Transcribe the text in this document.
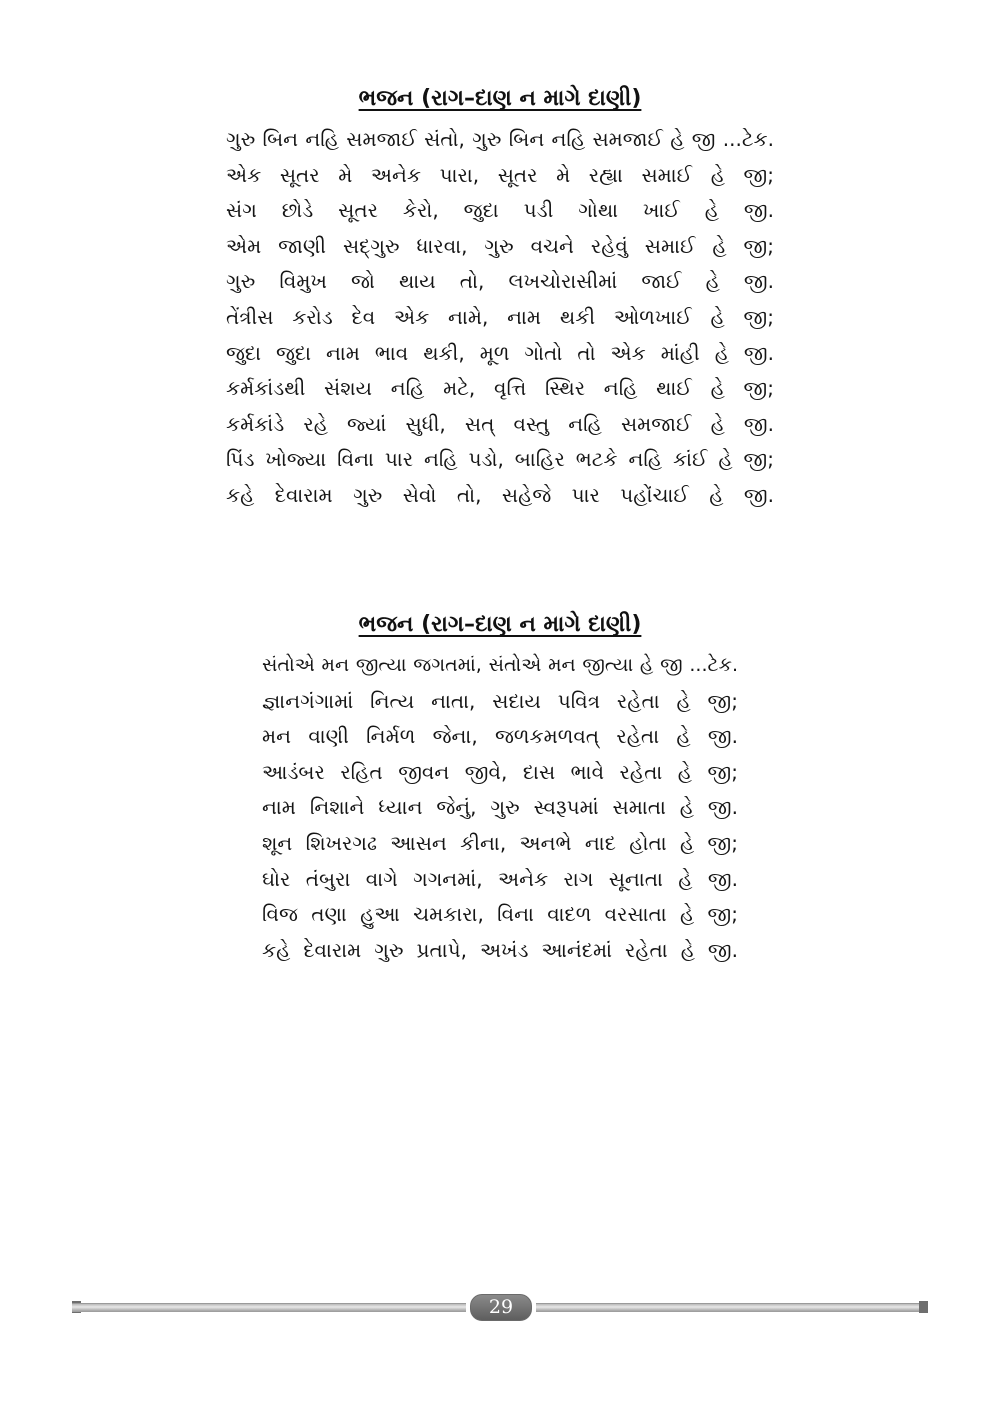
ભજન (રાગ–દાણ ન માગે દાણી)
ગુરુ બિન નહિ સમજાઈ સંતો, ગુરુ બિન નહિ સમજાઈ હે જી ...ટેક.
એક સૂતર મે અનેક પારા, સૂતર મે રહ્યા સમાઈ હે જી;
સંગ છોડે સૂતર કેરો, જુદા પડી ગોથા ખાઈ હે જી.
એમ જાણી સદ્‌ગુરુ ધારવા, ગુરુ વચને રહેવું સમાઈ હે જી;
ગુરુ વિમુખ જો થાય તો, લખચોરાસીમાં જાઈ હે જી.
તેંત્રીસ કરોડ દેવ એક નામે, નામ થકી ઓળખાઈ હે જી;
જુદા જુદા નામ ભાવ થકી, મૂળ ગોતો તો એક માંહી હે જી.
કર્મકાંડથી સંશય નહિ મટે, વૃત્તિ સ્થિર નહિ થાઈ હે જી;
કર્મકાંડે રહે જ્યાં સુધી, સત્‌ વસ્તુ નહિ સમજાઈ હે જી.
પિંડ ખોજ્યા વિના પાર નહિ પડો, બાહિર ભટકે નહિ કાંઈ હે જી;
કહે દેવારામ ગુરુ સેવો તો, સહેજે પાર પહોંચાઈ હે જી.
ભજન (રાગ–દાણ ન માગે દાણી)
સંતોએ મન જીત્યા જગતમાં, સંતોએ મન જીત્યા હે જી ...ટેક.
જ્ઞાનગંગામાં નિત્ય નાતા, સદાય પવિત્ર રહેતા હે જી;
મન વાણી નિર્મળ જેના, જળકમળવત્‌ રહેતા હે જી.
આડંબર રહિત જીવન જીવે, દાસ ભાવે રહેતા હે જી;
નામ નિશાને ધ્યાન જેનું, ગુરુ સ્વરૂપમાં સમાતા હે જી.
શૂન શિખરગઢ આસન કીના, અનભે નાદ હોતા હે જી;
ઘોર તંબુરા વાગે ગગનમાં, અનેક રાગ સૂનાતા હે જી.
વિજ તણા હુઆ ચમકારા, વિના વાદળ વરસાતા હે જી;
કહે દેવારામ ગુરુ પ્રતાપે, અખંડ આનંદમાં રહેતા હે જી.
29
